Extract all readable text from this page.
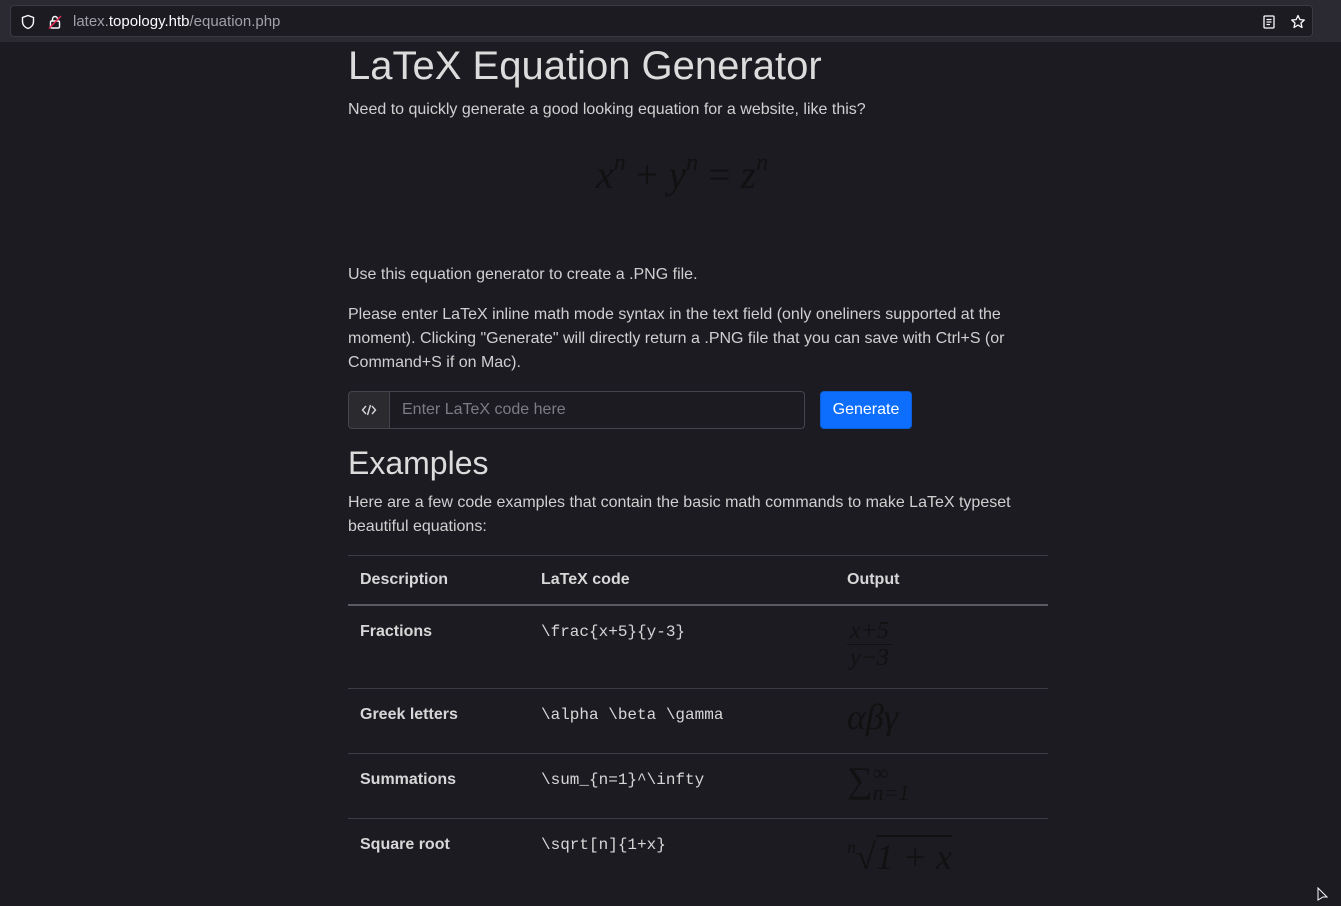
latex.topology.htb/equation.php
LaTeX Equation Generator
Need to quickly generate a good looking equation for a website, like this?
$x^n + y^n = z^n$
Use this equation generator to create a .PNG file.
Please enter LaTeX inline math mode syntax in the text field (only oneliners supported at the moment). Clicking "Generate" will directly return a .PNG file that you can save with Ctrl+S (or Command+S if on Mac).
Enter LaTeX code here
Generate
Examples
Here are a few code examples that contain the basic math commands to make LaTeX typeset beautiful equations:
Description	LaTeX code	Output
Fractions	\frac{x+5}{y-3}	$\frac{x+5}{y-3}$

Greek letters	\alpha \beta \gamma	αβγ
Summations	\sum_{n=1}^\infty	∑ ∞
n=1

Square root	\sqrt[n]{1+x}	$^n$√1 + x
